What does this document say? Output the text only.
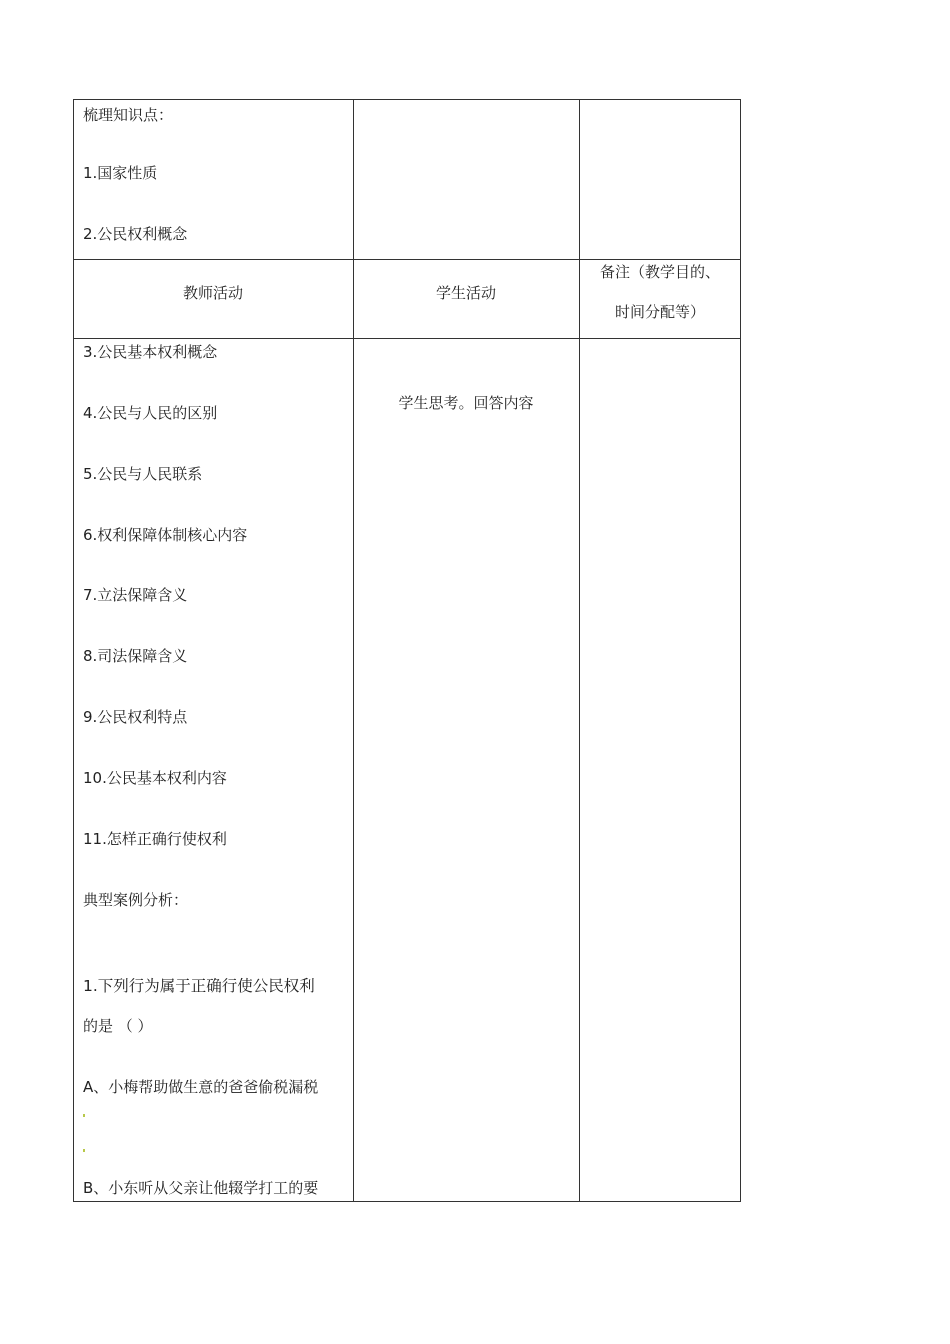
梳理知识点：
1.国家性质
2.公民权利概念
教师活动	学生活动
备注（教学目的、
时间分配等）
3.公民基本权利概念
4.公民与人民的区别
5.公民与人民联系
6.权利保障体制核心内容
7.立法保障含义
8.司法保障含义
9.公民权利特点
10.公民基本权利内容
11.怎样正确行使权利
典型案例分析：
1.下列行为属于正确行使公民权利
的是 （ ）
A、小梅帮助做生意的爸爸偷税漏税
B、小东听从父亲让他辍学打工的要
学生思考。回答内容
